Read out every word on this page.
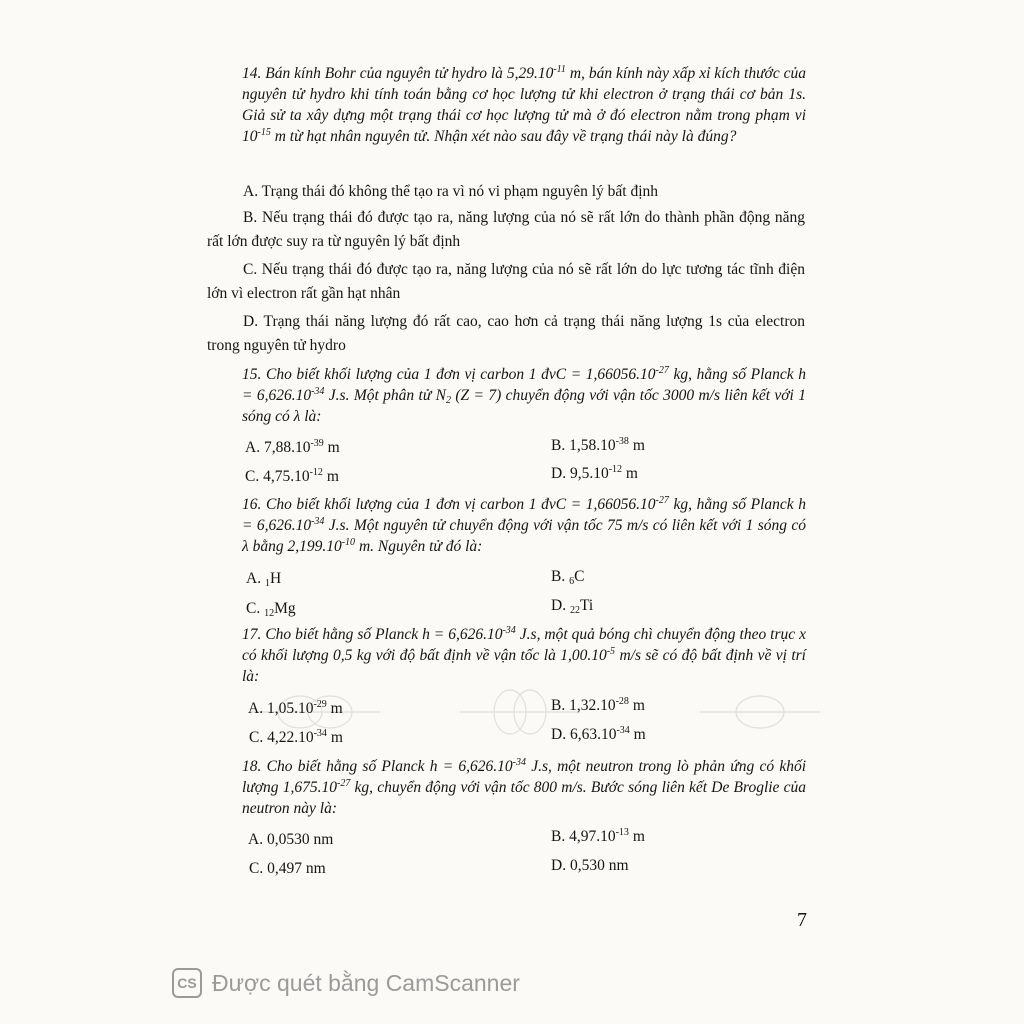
14. Bán kính Bohr của nguyên tử hydro là $5,29.10^{-11}$ m, bán kính này xấp xỉ kích thước của nguyên tử hydro khi tính toán bằng cơ học lượng tử khi electron ở trạng thái cơ bản 1s. Giả sử ta xây dựng một trạng thái cơ học lượng tử mà ở đó electron nằm trong phạm vi $10^{-15}$ m từ hạt nhân nguyên tử. Nhận xét nào sau đây về trạng thái này là đúng?

A. Trạng thái đó không thể tạo ra vì nó vi phạm nguyên lý bất định

B. Nếu trạng thái đó được tạo ra, năng lượng của nó sẽ rất lớn do thành phần động năng rất lớn được suy ra từ nguyên lý bất định

C. Nếu trạng thái đó được tạo ra, năng lượng của nó sẽ rất lớn do lực tương tác tĩnh điện lớn vì electron rất gần hạt nhân

D. Trạng thái năng lượng đó rất cao, cao hơn cả trạng thái năng lượng 1s của electron trong nguyên tử hydro

15. Cho biết khối lượng của 1 đơn vị carbon 1 đvC = $1,66056.10^{-27}$ kg, hằng số Planck $h = 6,626.10^{-34}$ J.s. Một phân tử $N_2$ (Z = 7) chuyển động với vận tốc 3000 m/s liên kết với 1 sóng có λ là:

A. $7,88.10^{-39}$ m	B. $1,58.10^{-38}$ m
C. $4,75.10^{-12}$ m	D. $9,5.10^{-12}$ m

16. Cho biết khối lượng của 1 đơn vị carbon 1 đvC = $1,66056.10^{-27}$ kg, hằng số Planck $h = 6,626.10^{-34}$ J.s. Một nguyên tử chuyển động với vận tốc 75 m/s có liên kết với 1 sóng có λ bằng $2,199.10^{-10}$ m. Nguyên tử đó là:

A. 1H	B. 6C
C. 12Mg	D. 22Ti

17. Cho biết hằng số Planck $h = 6,626.10^{-34}$ J.s, một quả bóng chì chuyển động theo trục x có khối lượng 0,5 kg với độ bất định về vận tốc là $1,00.10^{-5}$ m/s sẽ có độ bất định về vị trí là:

A. $1,05.10^{-29}$ m	B. $1,32.10^{-28}$ m
C. $4,22.10^{-34}$ m	D. $6,63.10^{-34}$ m

18. Cho biết hằng số Planck $h = 6,626.10^{-34}$ J.s, một neutron trong lò phản ứng có khối lượng $1,675.10^{-27}$ kg, chuyển động với vận tốc 800 m/s. Bước sóng liên kết De Broglie của neutron này là:

A. 0,0530 nm	B. $4,97.10^{-13}$ m
C. 0,497 nm	D. 0,530 nm
7
CS Được quét bằng CamScanner
